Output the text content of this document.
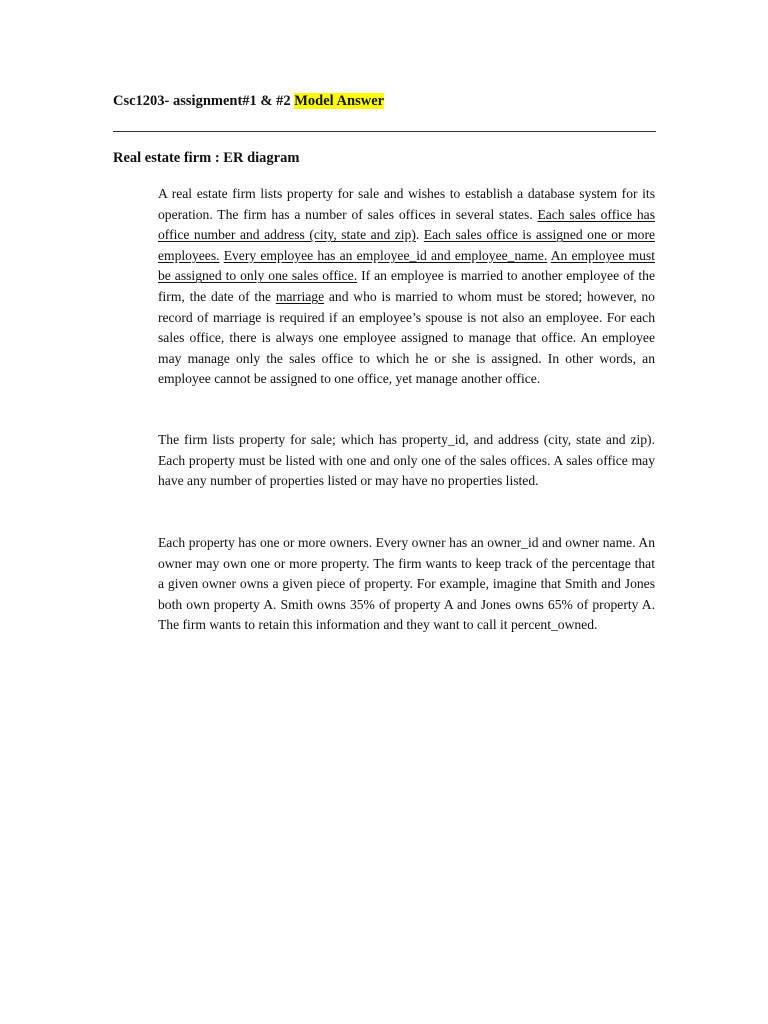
Csc1203- assignment#1 & #2 Model Answer
Real estate firm : ER diagram

A real estate firm lists property for sale and wishes to establish a database system for its operation. The firm has a number of sales offices in several states. Each sales office has office number and address (city, state and zip). Each sales office is assigned one or more employees. Every employee has an employee_id and employee_name. An employee must be assigned to only one sales office. If an employee is married to another employee of the firm, the date of the marriage and who is married to whom must be stored; however, no record of marriage is required if an employee’s spouse is not also an employee. For each sales office, there is always one employee assigned to manage that office. An employee may manage only the sales office to which he or she is assigned. In other words, an employee cannot be assigned to one office, yet manage another office.

The firm lists property for sale; which has property_id, and address (city, state and zip). Each property must be listed with one and only one of the sales offices. A sales office may have any number of properties listed or may have no properties listed.

Each property has one or more owners. Every owner has an owner_id and owner name. An owner may own one or more property. The firm wants to keep track of the percentage that a given owner owns a given piece of property. For example, imagine that Smith and Jones both own property A. Smith owns 35% of property A and Jones owns 65% of property A. The firm wants to retain this information and they want to call it percent_owned.
